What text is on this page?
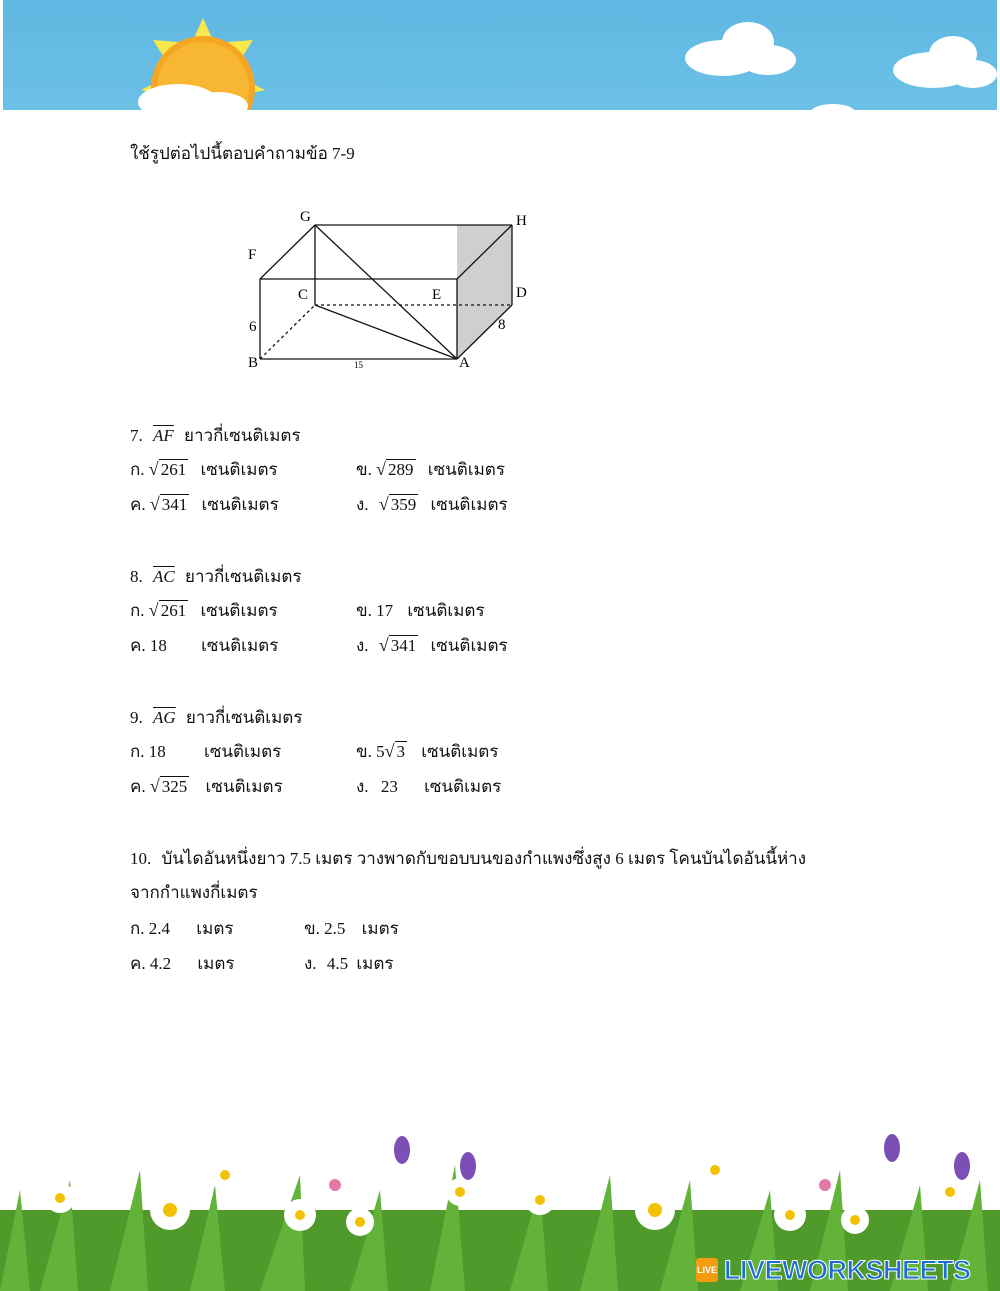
ใช้รูปต่อไปนี้ตอบคำถามข้อ 7-9
G	H
F
C	E	D
B	A
6	8
15
7. $\overline{AF}$ ยาวกี่เซนติเมตร
ก. √ 261 เซนติเมตร	ข. √ 289 เซนติเมตร
ค. √ 341 เซนติเมตร	ง. √ 359 เซนติเมตร
8. $\overline{AC}$ ยาวกี่เซนติเมตร
ก. √ 261 เซนติเมตร	ข. 17 เซนติเมตร
ค. 18 เซนติเมตร	ง. √ 341 เซนติเมตร
9. $\overline{AG}$ ยาวกี่เซนติเมตร
ก. 18 เซนติเมตร	ข. 5√ 3 เซนติเมตร
ค. √ 325 เซนติเมตร	ง. 23 เซนติเมตร
10. บันไดอันหนึ่งยาว 7.5 เมตร วางพาดกับขอบบนของกำแพงซึ่งสูง 6 เมตร โคนบันไดอันนี้ห่าง
จากกำแพงกี่เมตร
ก. 2.4 เมตร	ข. 2.5 เมตร
ค. 4.2 เมตร	ง. 4.5 เมตร
iStock
iStock
LIVE LIVEWORKSHEETS
